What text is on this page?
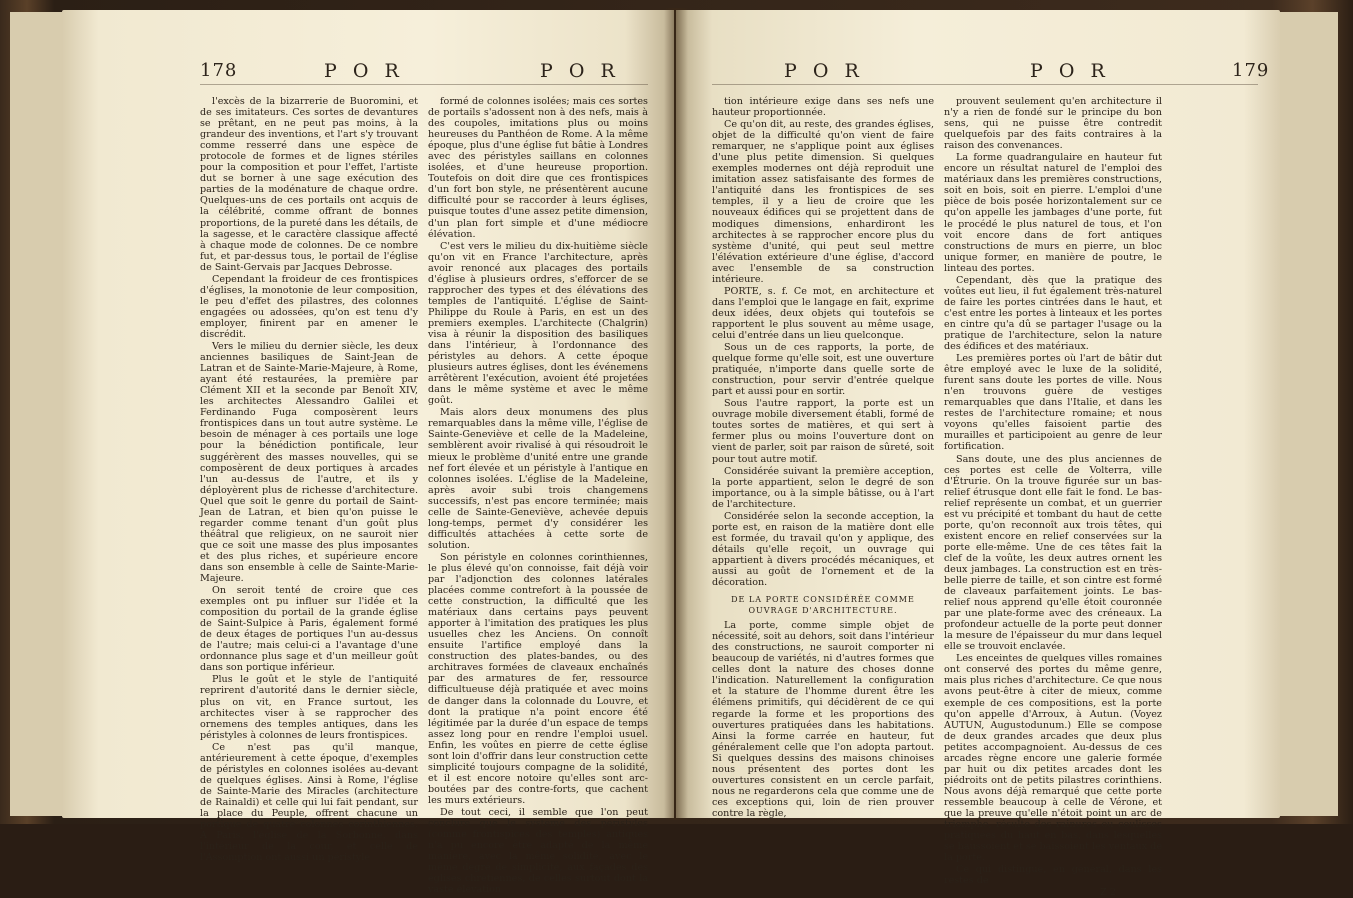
178	P O R	P O R

l'excès de la bizarrerie de Buoromini, et de ses imitateurs. Ces sortes de devantures se prêtant, en ne peut pas moins, à la grandeur des inventions, et l'art s'y trouvant comme resserré dans une espèce de protocole de formes et de lignes stériles pour la composition et pour l'effet, l'artiste dut se borner à une sage exécution des parties de la modénature de chaque ordre. Quelques-uns de ces portails ont acquis de la célébrité, comme offrant de bonnes proportions, de la pureté dans les détails, de la sagesse, et le caractère classique affecté à chaque mode de colonnes. De ce nombre fut, et par-dessus tous, le portail de l'église de Saint-Gervais par Jacques Debrosse.

Cependant la froideur de ces frontispices d'églises, la monotonie de leur composition, le peu d'effet des pilastres, des colonnes engagées ou adossées, qu'on est tenu d'y employer, finirent par en amener le discrédit.

Vers le milieu du dernier siècle, les deux anciennes basiliques de Saint-Jean de Latran et de Sainte-Marie-Majeure, à Rome, ayant été restaurées, la première par Clément XII et la seconde par Benoît XIV, les architectes Alessandro Galilei et Ferdinando Fuga composèrent leurs frontispices dans un tout autre système. Le besoin de ménager à ces portails une loge pour la bénédiction pontificale, leur suggérèrent des masses nouvelles, qui se composèrent de deux portiques à arcades l'un au-dessus de l'autre, et ils y déployèrent plus de richesse d'architecture. Quel que soit le genre du portail de Saint-Jean de Latran, et bien qu'on puisse le regarder comme tenant d'un goût plus théâtral que religieux, on ne sauroit nier que ce soit une masse des plus imposantes et des plus riches, et supérieure encore dans son ensemble à celle de Sainte-Marie-Majeure.

On seroit tenté de croire que ces exemples ont pu influer sur l'idée et la composition du portail de la grande église de Saint-Sulpice à Paris, également formé de deux étages de portiques l'un au-dessus de l'autre; mais celui-ci a l'avantage d'une ordonnance plus sage et d'un meilleur goût dans son portique inférieur.

Plus le goût et le style de l'antiquité reprirent d'autorité dans le dernier siècle, plus on vit, en France surtout, les architectes viser à se rapprocher des ornemens des temples antiques, dans les péristyles à colonnes de leurs frontispices.

Ce n'est pas qu'il manque, antérieurement à cette époque, d'exemples de péristyles en colonnes isolées au-devant de quelques églises. Ainsi à Rome, l'église de Sainte-Marie des Miracles (architecture de Rainaldi) et celle qui lui fait pendant, sur la place du Peuple, offrent chacune un portique de quatre colonnes corinthiennes. A Paris, l'église de la Sorbonne, dans l'intérieur de la cour, et celle de l'Assomption ont aussi un péristyle

formé de colonnes isolées; mais ces sortes de portails s'adossent non à des nefs, mais à des coupoles, imitations plus ou moins heureuses du Panthéon de Rome. A la même époque, plus d'une église fut bâtie à Londres avec des péristyles saillans en colonnes isolées, et d'une heureuse proportion. Toutefois on doit dire que ces frontispices d'un fort bon style, ne présentèrent aucune difficulté pour se raccorder à leurs églises, puisque toutes d'une assez petite dimension, d'un plan fort simple et d'une médiocre élévation.

C'est vers le milieu du dix-huitième siècle qu'on vit en France l'architecture, après avoir renoncé aux placages des portails d'église à plusieurs ordres, s'efforcer de se rapprocher des types et des élévations des temples de l'antiquité. L'église de Saint-Philippe du Roule à Paris, en est un des premiers exemples. L'architecte (Chalgrin) visa à réunir la disposition des basiliques dans l'intérieur, à l'ordonnance des péristyles au dehors. A cette époque plusieurs autres églises, dont les événemens arrêtèrent l'exécution, avoient été projetées dans le même système et avec le même goût.

Mais alors deux monumens des plus remarquables dans la même ville, l'église de Sainte-Geneviève et celle de la Madeleine, semblèrent avoir rivalisé à qui résoudroit le mieux le problème d'unité entre une grande nef fort élevée et un péristyle à l'antique en colonnes isolées. L'église de la Madeleine, après avoir subi trois changemens successifs, n'est pas encore terminée; mais celle de Sainte-Geneviève, achevée depuis long-temps, permet d'y considérer les difficultés attachées à cette sorte de solution.

Son péristyle en colonnes corinthiennes, le plus élevé qu'on connoisse, fait déjà voir par l'adjonction des colonnes latérales placées comme contrefort à la poussée de cette construction, la difficulté que les matériaux dans certains pays peuvent apporter à l'imitation des pratiques les plus usuelles chez les Anciens. On connoît ensuite l'artifice employé dans la construction des plates-bandes, ou des architraves formées de claveaux enchaînés par des armatures de fer, ressource difficultueuse déjà pratiquée et avec moins de danger dans la colonnade du Louvre, et dont la pratique n'a point encore été légitimée par la durée d'un espace de temps assez long pour en rendre l'emploi usuel. Enfin, les voûtes en pierre de cette église sont loin d'offrir dans leur construction cette simplicité toujours compagne de la solidité, et il est encore notoire qu'elles sont arc-boutées par des contre-forts, que cachent les murs extérieurs.

De tout ceci, il semble que l'on peut conclure que le système des péristyles (comme frontispices des temples) antiques n'a pu encore être adapté de la même manière, avec la même solidité, avec le même degré de simplicité, aux façades des églises chrétiennes, de celles surtout dont la vaste élévation

P O R	P O R	179

tion intérieure exige dans ses nefs une hauteur proportionnée.

Ce qu'on dit, au reste, des grandes églises, objet de la difficulté qu'on vient de faire remarquer, ne s'applique point aux églises d'une plus petite dimension. Si quelques exemples modernes ont déjà reproduit une imitation assez satisfaisante des formes de l'antiquité dans les frontispices de ses temples, il y a lieu de croire que les nouveaux édifices qui se projettent dans de modiques dimensions, enhardiront les architectes à se rapprocher encore plus du système d'unité, qui peut seul mettre l'élévation extérieure d'une église, d'accord avec l'ensemble de sa construction intérieure.

PORTE, s. f. Ce mot, en architecture et dans l'emploi que le langage en fait, exprime deux idées, deux objets qui toutefois se rapportent le plus souvent au même usage, celui d'entrée dans un lieu quelconque.

Sous un de ces rapports, la porte, de quelque forme qu'elle soit, est une ouverture pratiquée, n'importe dans quelle sorte de construction, pour servir d'entrée quelque part et aussi pour en sortir.

Sous l'autre rapport, la porte est un ouvrage mobile diversement établi, formé de toutes sortes de matières, et qui sert à fermer plus ou moins l'ouverture dont on vient de parler, soit par raison de sûreté, soit pour tout autre motif.

Considérée suivant la première acception, la porte appartient, selon le degré de son importance, ou à la simple bâtisse, ou à l'art de l'architecture.

Considérée selon la seconde acception, la porte est, en raison de la matière dont elle est formée, du travail qu'on y applique, des détails qu'elle reçoit, un ouvrage qui appartient à divers procédés mécaniques, et aussi au goût de l'ornement et de la décoration.

DE LA PORTE CONSIDÉRÉE COMME OUVRAGE D'ARCHITECTURE.

La porte, comme simple objet de nécessité, soit au dehors, soit dans l'intérieur des constructions, ne sauroit comporter ni beaucoup de variétés, ni d'autres formes que celles dont la nature des choses donne l'indication. Naturellement la configuration et la stature de l'homme durent être les élémens primitifs, qui décidèrent de ce qui regarde la forme et les proportions des ouvertures pratiquées dans les habitations. Ainsi la forme carrée en hauteur, fut généralement celle que l'on adopta partout. Si quelques dessins des maisons chinoises nous présentent des portes dont les ouvertures consistent en un cercle parfait, nous ne regarderons cela que comme une de ces exceptions qui, loin de rien prouver contre la règle,

prouvent seulement qu'en architecture il n'y a rien de fondé sur le principe du bon sens, qui ne puisse être contredit quelquefois par des faits contraires à la raison des convenances.

La forme quadrangulaire en hauteur fut encore un résultat naturel de l'emploi des matériaux dans les premières constructions, soit en bois, soit en pierre. L'emploi d'une pièce de bois posée horizontalement sur ce qu'on appelle les jambages d'une porte, fut le procédé le plus naturel de tous, et l'on voit encore dans de fort antiques constructions de murs en pierre, un bloc unique former, en manière de poutre, le linteau des portes.

Cependant, dès que la pratique des voûtes eut lieu, il fut également très-naturel de faire les portes cintrées dans le haut, et c'est entre les portes à linteaux et les portes en cintre qu'a dû se partager l'usage ou la pratique de l'architecture, selon la nature des édifices et des matériaux.

Les premières portes où l'art de bâtir dut être employé avec le luxe de la solidité, furent sans doute les portes de ville. Nous n'en trouvons guère de vestiges remarquables que dans l'Italie, et dans les restes de l'architecture romaine; et nous voyons qu'elles faisoient partie des murailles et participoient au genre de leur fortification.

Sans doute, une des plus anciennes de ces portes est celle de Volterra, ville d'Étrurie. On la trouve figurée sur un bas-relief étrusque dont elle fait le fond. Le bas-relief représente un combat, et un guerrier est vu précipité et tombant du haut de cette porte, qu'on reconnoît aux trois têtes, qui existent encore en relief conservées sur la porte elle-même. Une de ces têtes fait la clef de la voûte, les deux autres ornent les deux jambages. La construction est en très-belle pierre de taille, et son cintre est formé de claveaux parfaitement joints. Le bas-relief nous apprend qu'elle étoit couronnée par une plate-forme avec des créneaux. La profondeur actuelle de la porte peut donner la mesure de l'épaisseur du mur dans lequel elle se trouvoit enclavée.

Les enceintes de quelques villes romaines ont conservé des portes du même genre, mais plus riches d'architecture. Ce que nous avons peut-être à citer de mieux, comme exemple de ces compositions, est la porte qu'on appelle d'Arroux, à Autun. (Voyez AUTUN, Augustodunum.) Elle se compose de deux grandes arcades que deux plus petites accompagnoient. Au-dessus de ces arcades règne encore une galerie formée par huit ou dix petites arcades dont les piédroits ont de petits pilastres corinthiens. Nous avons déjà remarqué que cette porte ressemble beaucoup à celle de Vérone, et que la preuve qu'elle n'étoit point un arc de triomphe, résulte des rainures ou coulisses pratiquées du haut en bas, dans lesquelles se haussoient et se baissoient les ventaux de la porte.

Ce qui distingue, en général, dans les restes de

Z 2
